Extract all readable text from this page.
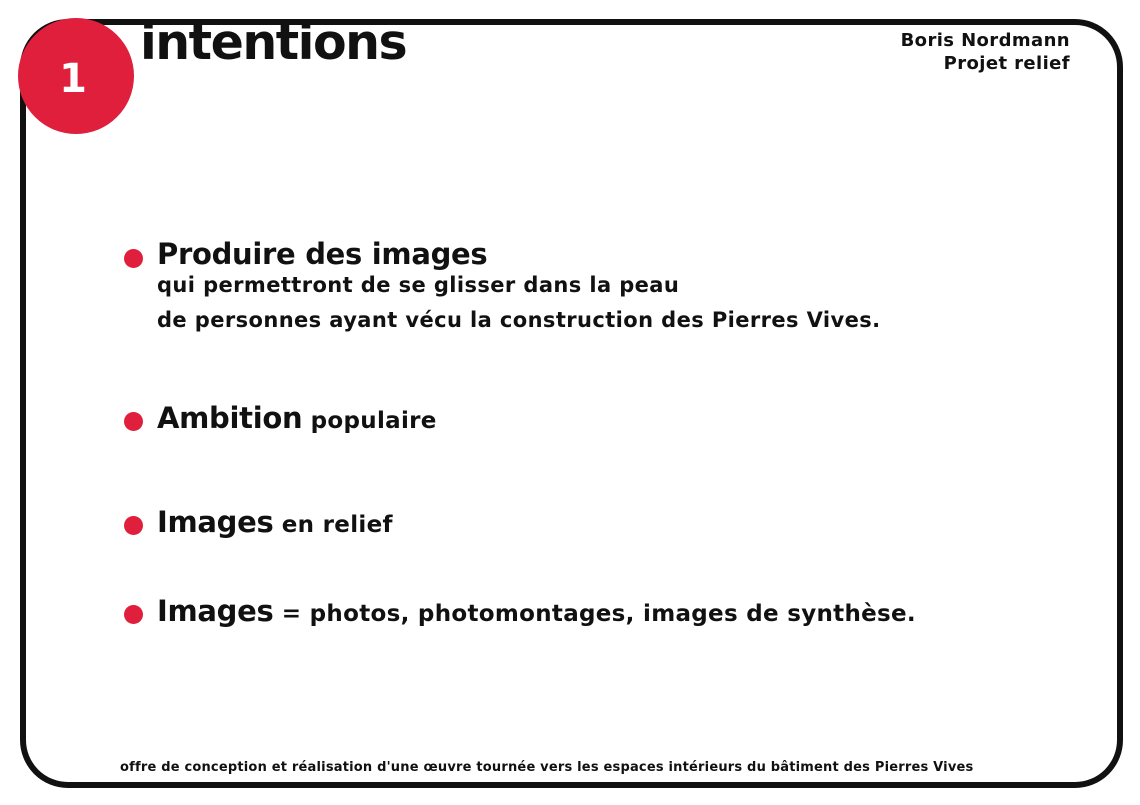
1
intentions	Boris Nordmann
Projet relief
Produire des images
qui permettront de se glisser dans la peau
de personnes ayant vécu la construction des Pierres Vives.
Ambition populaire
Images en relief
Images = photos, photomontages, images de synthèse.
offre de conception et réalisation d'une œuvre tournée vers les espaces intérieurs du bâtiment des Pierres Vives
